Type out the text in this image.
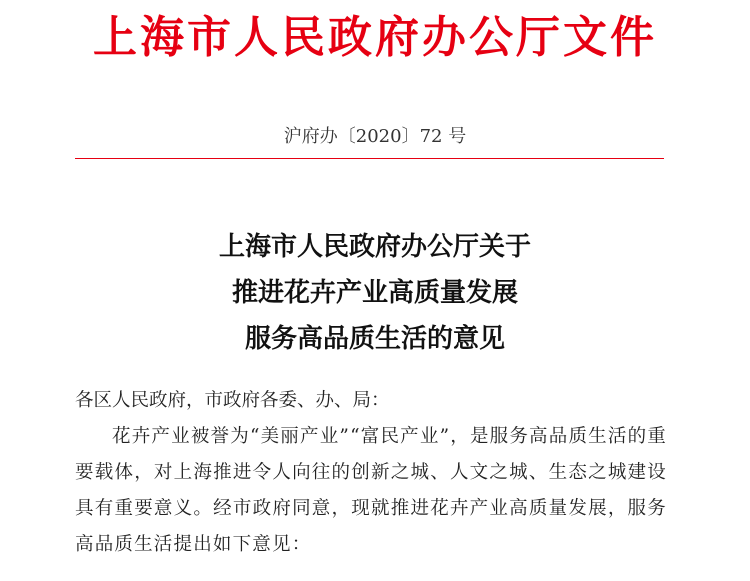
上海市人民政府办公厅文件
沪府办〔2020〕72 号
上海市人民政府办公厅关于
推进花卉产业高质量发展
服务高品质生活的意见
各区人民政府，市政府各委、办、局：
花卉产业被誉为“美丽产业”“富民产业”，是服务高品质生活的重要载体，对上海推进令人向往的创新之城、人文之城、生态之城建设具有重要意义。经市政府同意，现就推进花卉产业高质量发展，服务高品质生活提出如下意见：
